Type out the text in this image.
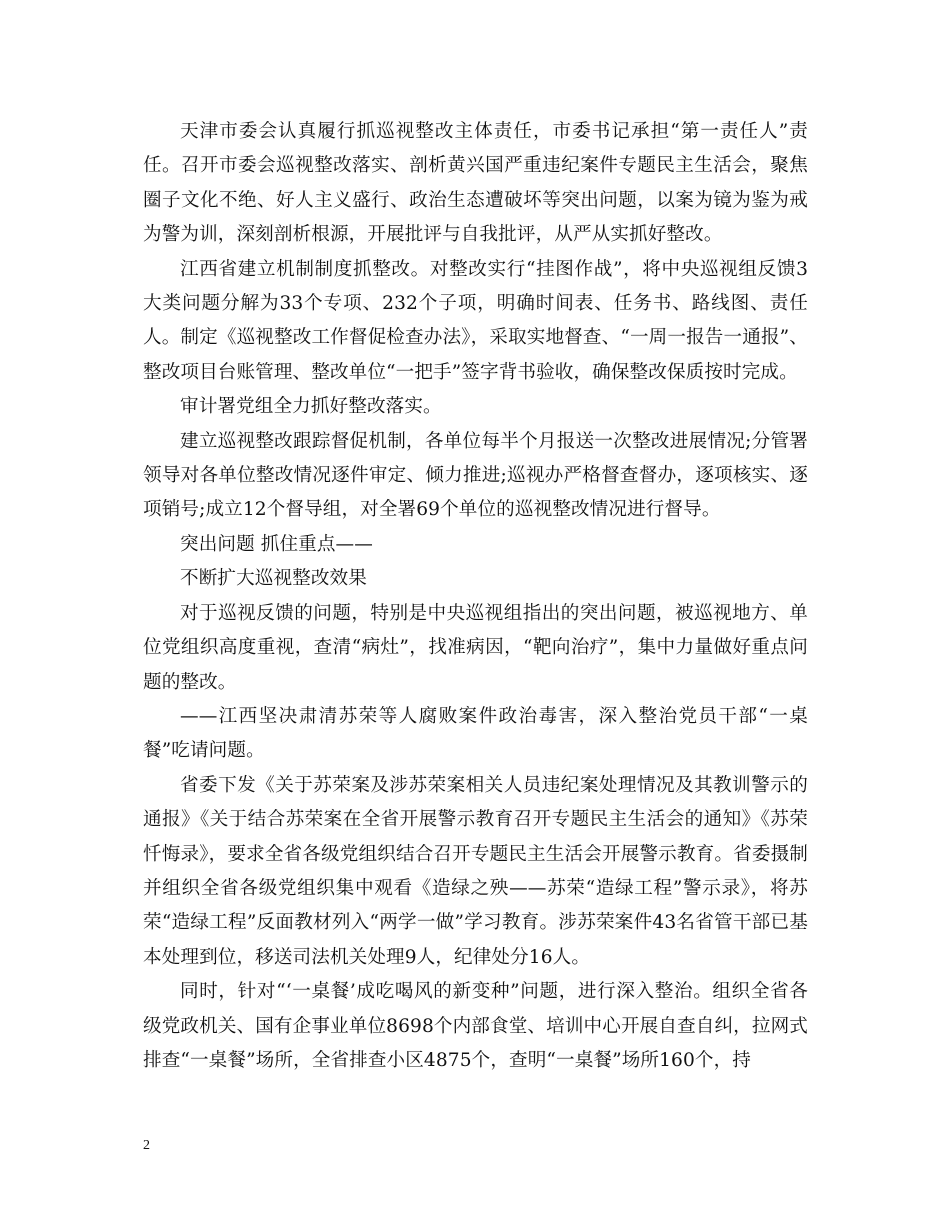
天津市委会认真履行抓巡视整改主体责任，市委书记承担“第一责任人”责任。召开市委会巡视整改落实、剖析黄兴国严重违纪案件专题民主生活会，聚焦圈子文化不绝、好人主义盛行、政治生态遭破坏等突出问题，以案为镜为鉴为戒为警为训，深刻剖析根源，开展批评与自我批评，从严从实抓好整改。

江西省建立机制制度抓整改。对整改实行“挂图作战”，将中央巡视组反馈3大类问题分解为33个专项、232个子项，明确时间表、任务书、路线图、责任人。制定《巡视整改工作督促检查办法》，采取实地督查、“一周一报告一通报”、整改项目台账管理、整改单位“一把手”签字背书验收，确保整改保质按时完成。

审计署党组全力抓好整改落实。

建立巡视整改跟踪督促机制，各单位每半个月报送一次整改进展情况;分管署领导对各单位整改情况逐件审定、倾力推进;巡视办严格督查督办，逐项核实、逐项销号;成立12个督导组，对全署69个单位的巡视整改情况进行督导。

突出问题 抓住重点——

不断扩大巡视整改效果

对于巡视反馈的问题，特别是中央巡视组指出的突出问题，被巡视地方、单位党组织高度重视，查清“病灶”，找准病因，“靶向治疗”，集中力量做好重点问题的整改。

——江西坚决肃清苏荣等人腐败案件政治毒害，深入整治党员干部“一桌餐”吃请问题。

省委下发《关于苏荣案及涉苏荣案相关人员违纪案处理情况及其教训警示的通报》《关于结合苏荣案在全省开展警示教育召开专题民主生活会的通知》《苏荣忏悔录》，要求全省各级党组织结合召开专题民主生活会开展警示教育。省委摄制并组织全省各级党组织集中观看《造绿之殃——苏荣“造绿工程”警示录》，将苏荣“造绿工程”反面教材列入“两学一做”学习教育。涉苏荣案件43名省管干部已基本处理到位，移送司法机关处理9人，纪律处分16人。

同时，针对“‘一桌餐’成吃喝风的新变种”问题，进行深入整治。组织全省各级党政机关、国有企事业单位8698个内部食堂、培训中心开展自查自纠，拉网式排查“一桌餐”场所，全省排查小区4875个，查明“一桌餐”场所160个，持

2
